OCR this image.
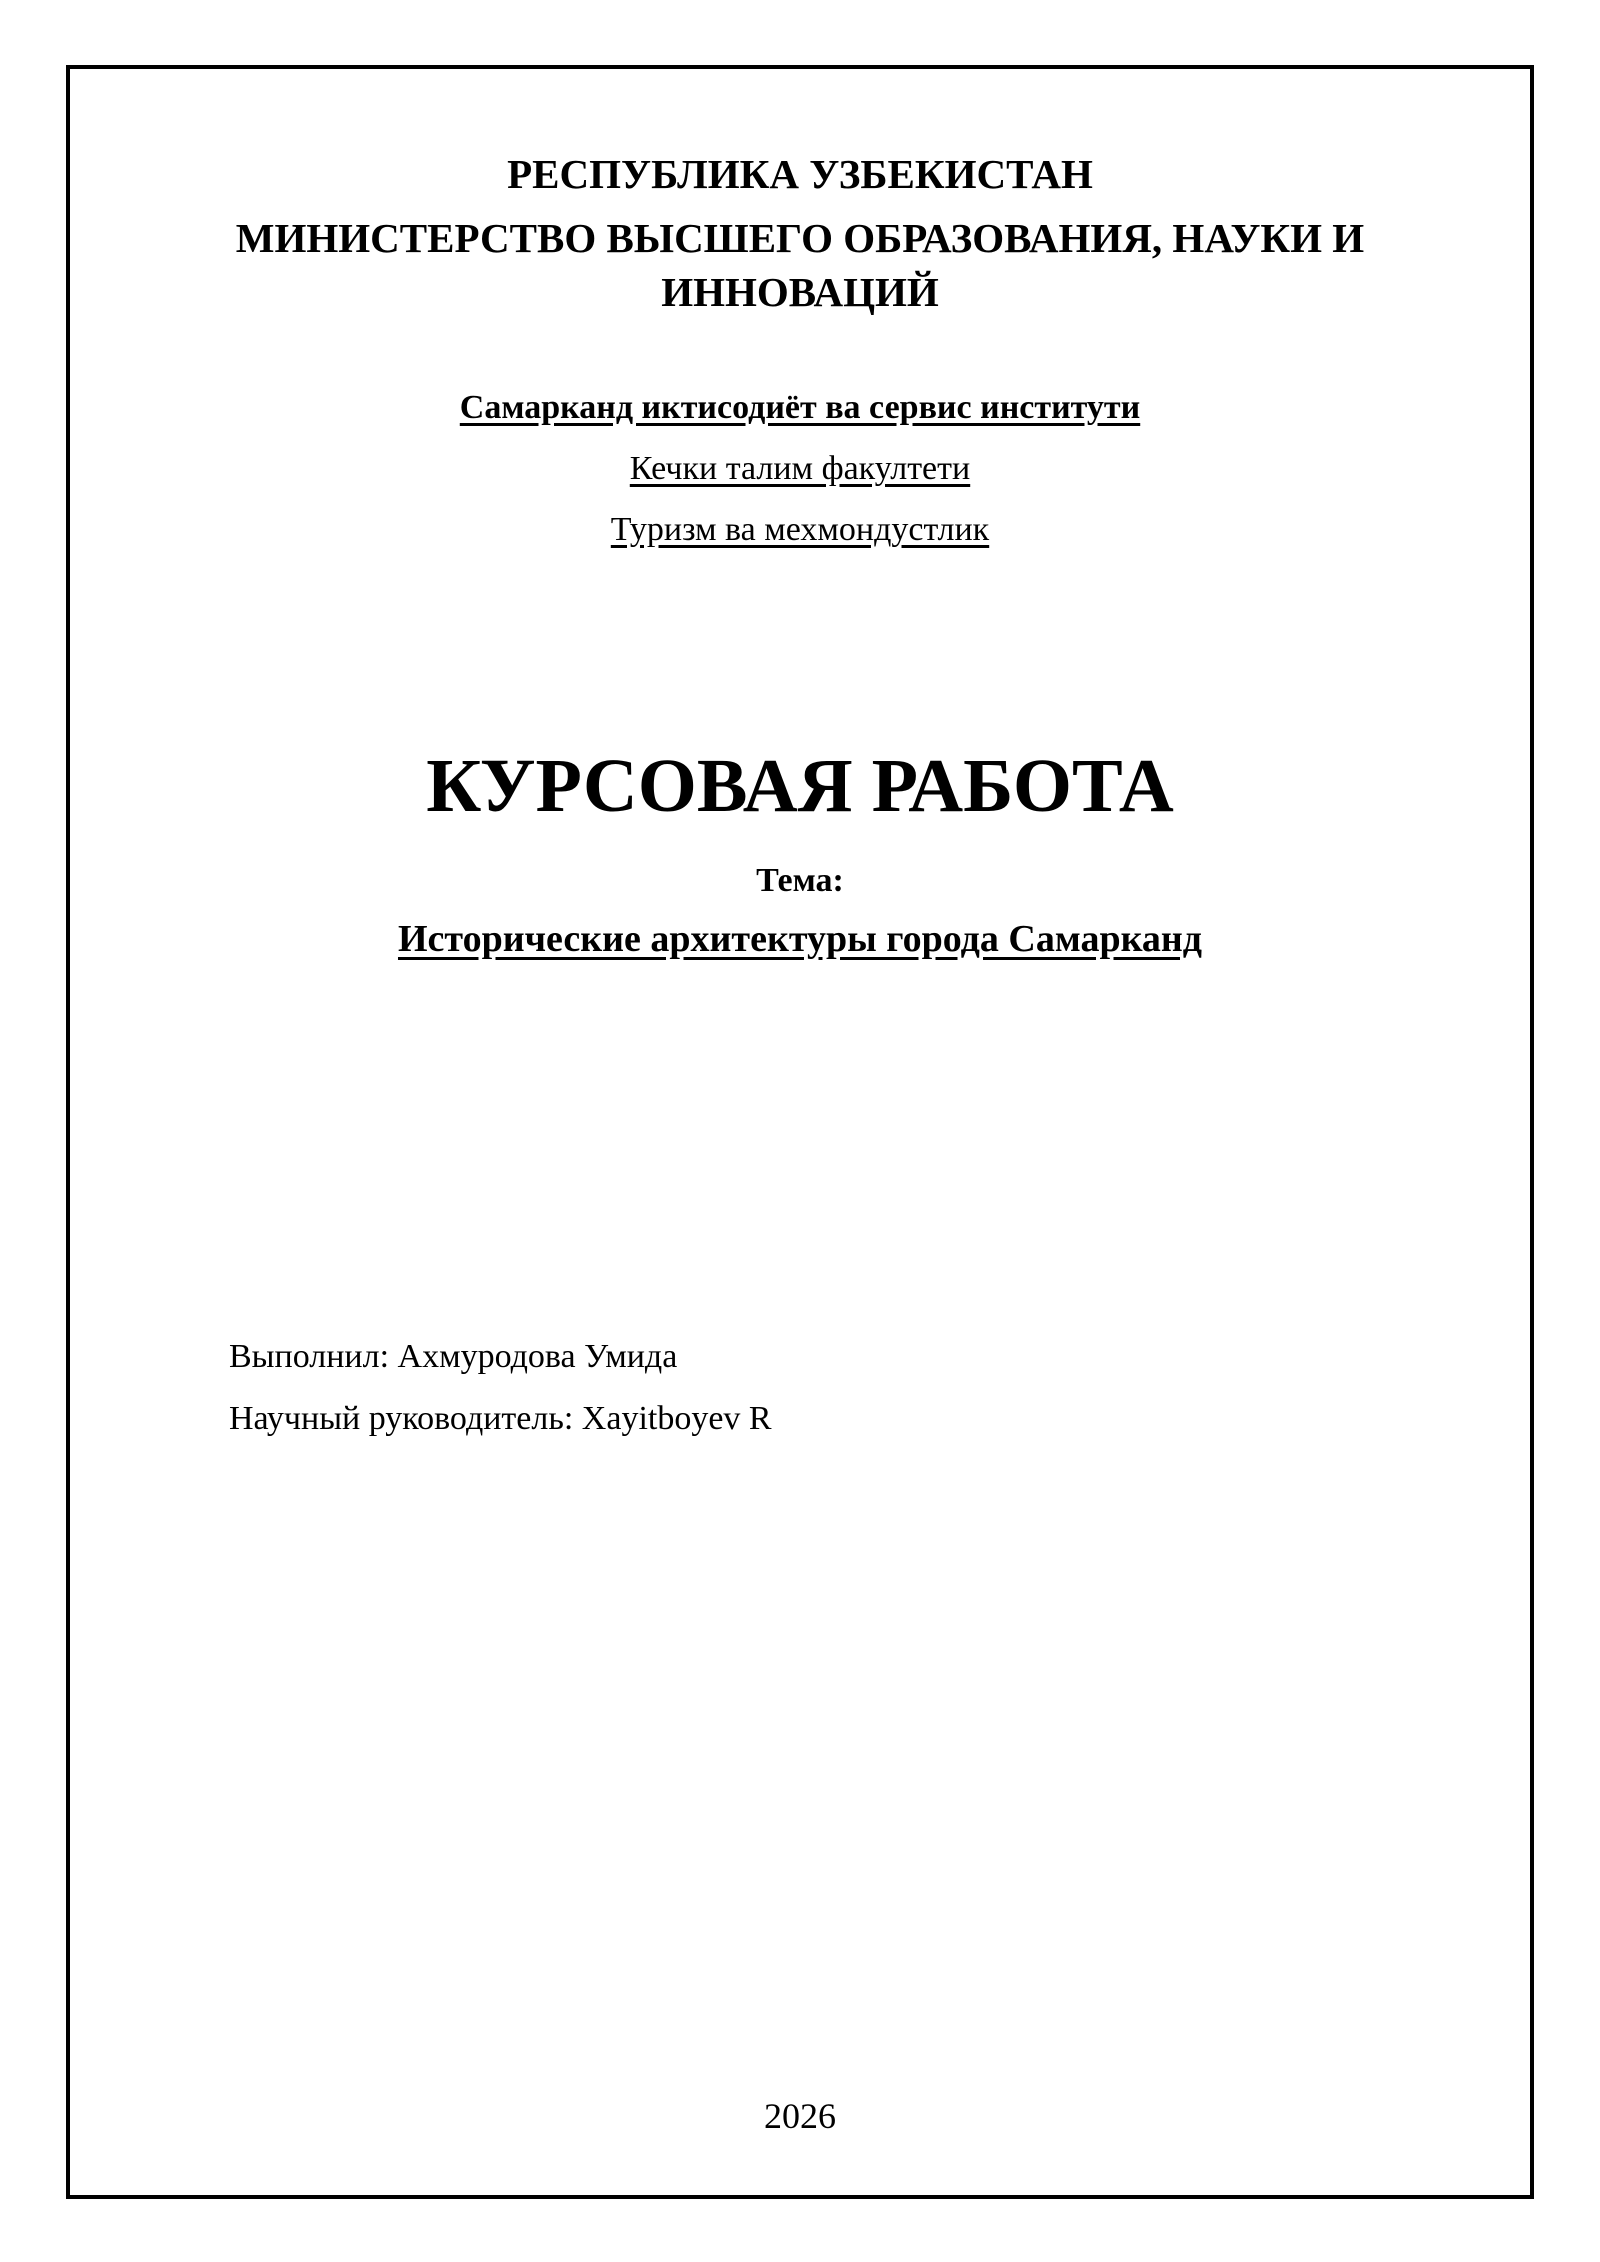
РЕСПУБЛИКА УЗБЕКИСТАН
МИНИСТЕРСТВО ВЫСШЕГО ОБРАЗОВАНИЯ, НАУКИ И
ИННОВАЦИЙ
Самарканд иктисодиёт ва сервис институти
Кечки талим факултети
Туризм ва мехмондустлик
КУРСОВАЯ РАБОТА
Тема:
Исторические архитектуры города Самарканд
Выполнил: Ахмуродова Умида
Научный руководитель: Xayitboyev R
2026
